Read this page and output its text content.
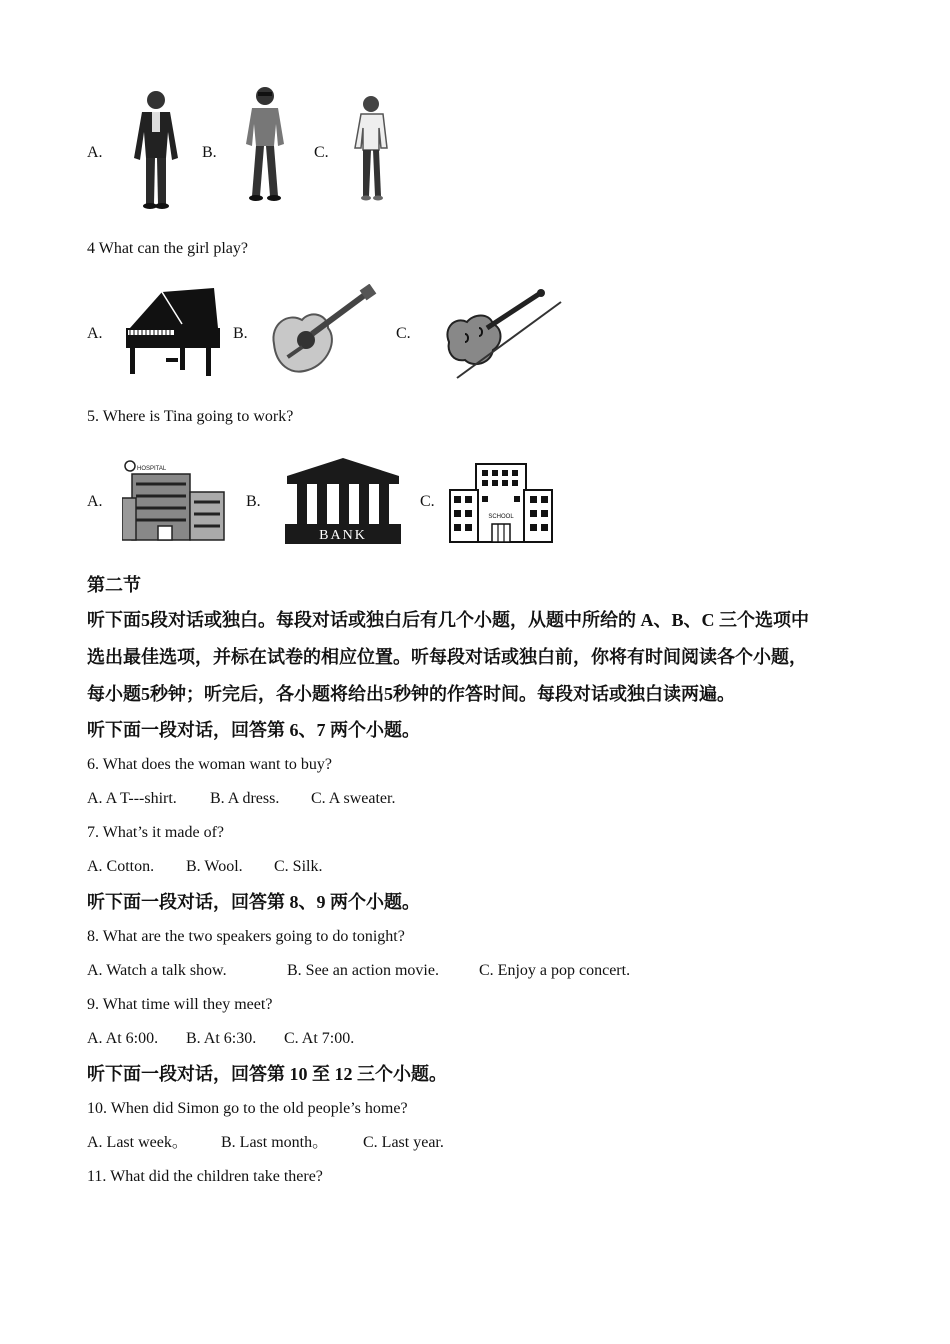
A.	B.	C.
4 What can the girl play?
A.	B.	C.
5. Where is Tina going to work?
A.
HOSPITAL
B.
BANK
C.
SCHOOL
第二节
听下面5段对话或独白。每段对话或独白后有几个小题，从题中所给的 A、B、C 三个选项中
选出最佳选项，并标在试卷的相应位置。听每段对话或独白前，你将有时间阅读各个小题，
每小题5秒钟；听完后，各小题将给出5秒钟的作答时间。每段对话或独白读两遍。
听下面一段对话，回答第 6、7 两个小题。
6. What does the woman want to buy?
A. A T---shirt. B. A dress. C. A sweater.
7. What’s it made of?
A. Cotton. B. Wool. C. Silk.
听下面一段对话，回答第 8、9 两个小题。
8. What are the two speakers going to do tonight?
A. Watch a talk show.	B. See an action movie.	C. Enjoy a pop concert.
9. What time will they meet?
A. At 6:00. B. At 6:30. C. At 7:00.
听下面一段对话，回答第 10 至 12 三个小题。
10. When did Simon go to the old people’s home?
A. Last week。 B. Last month。 C. Last year.
11. What did the children take there?
